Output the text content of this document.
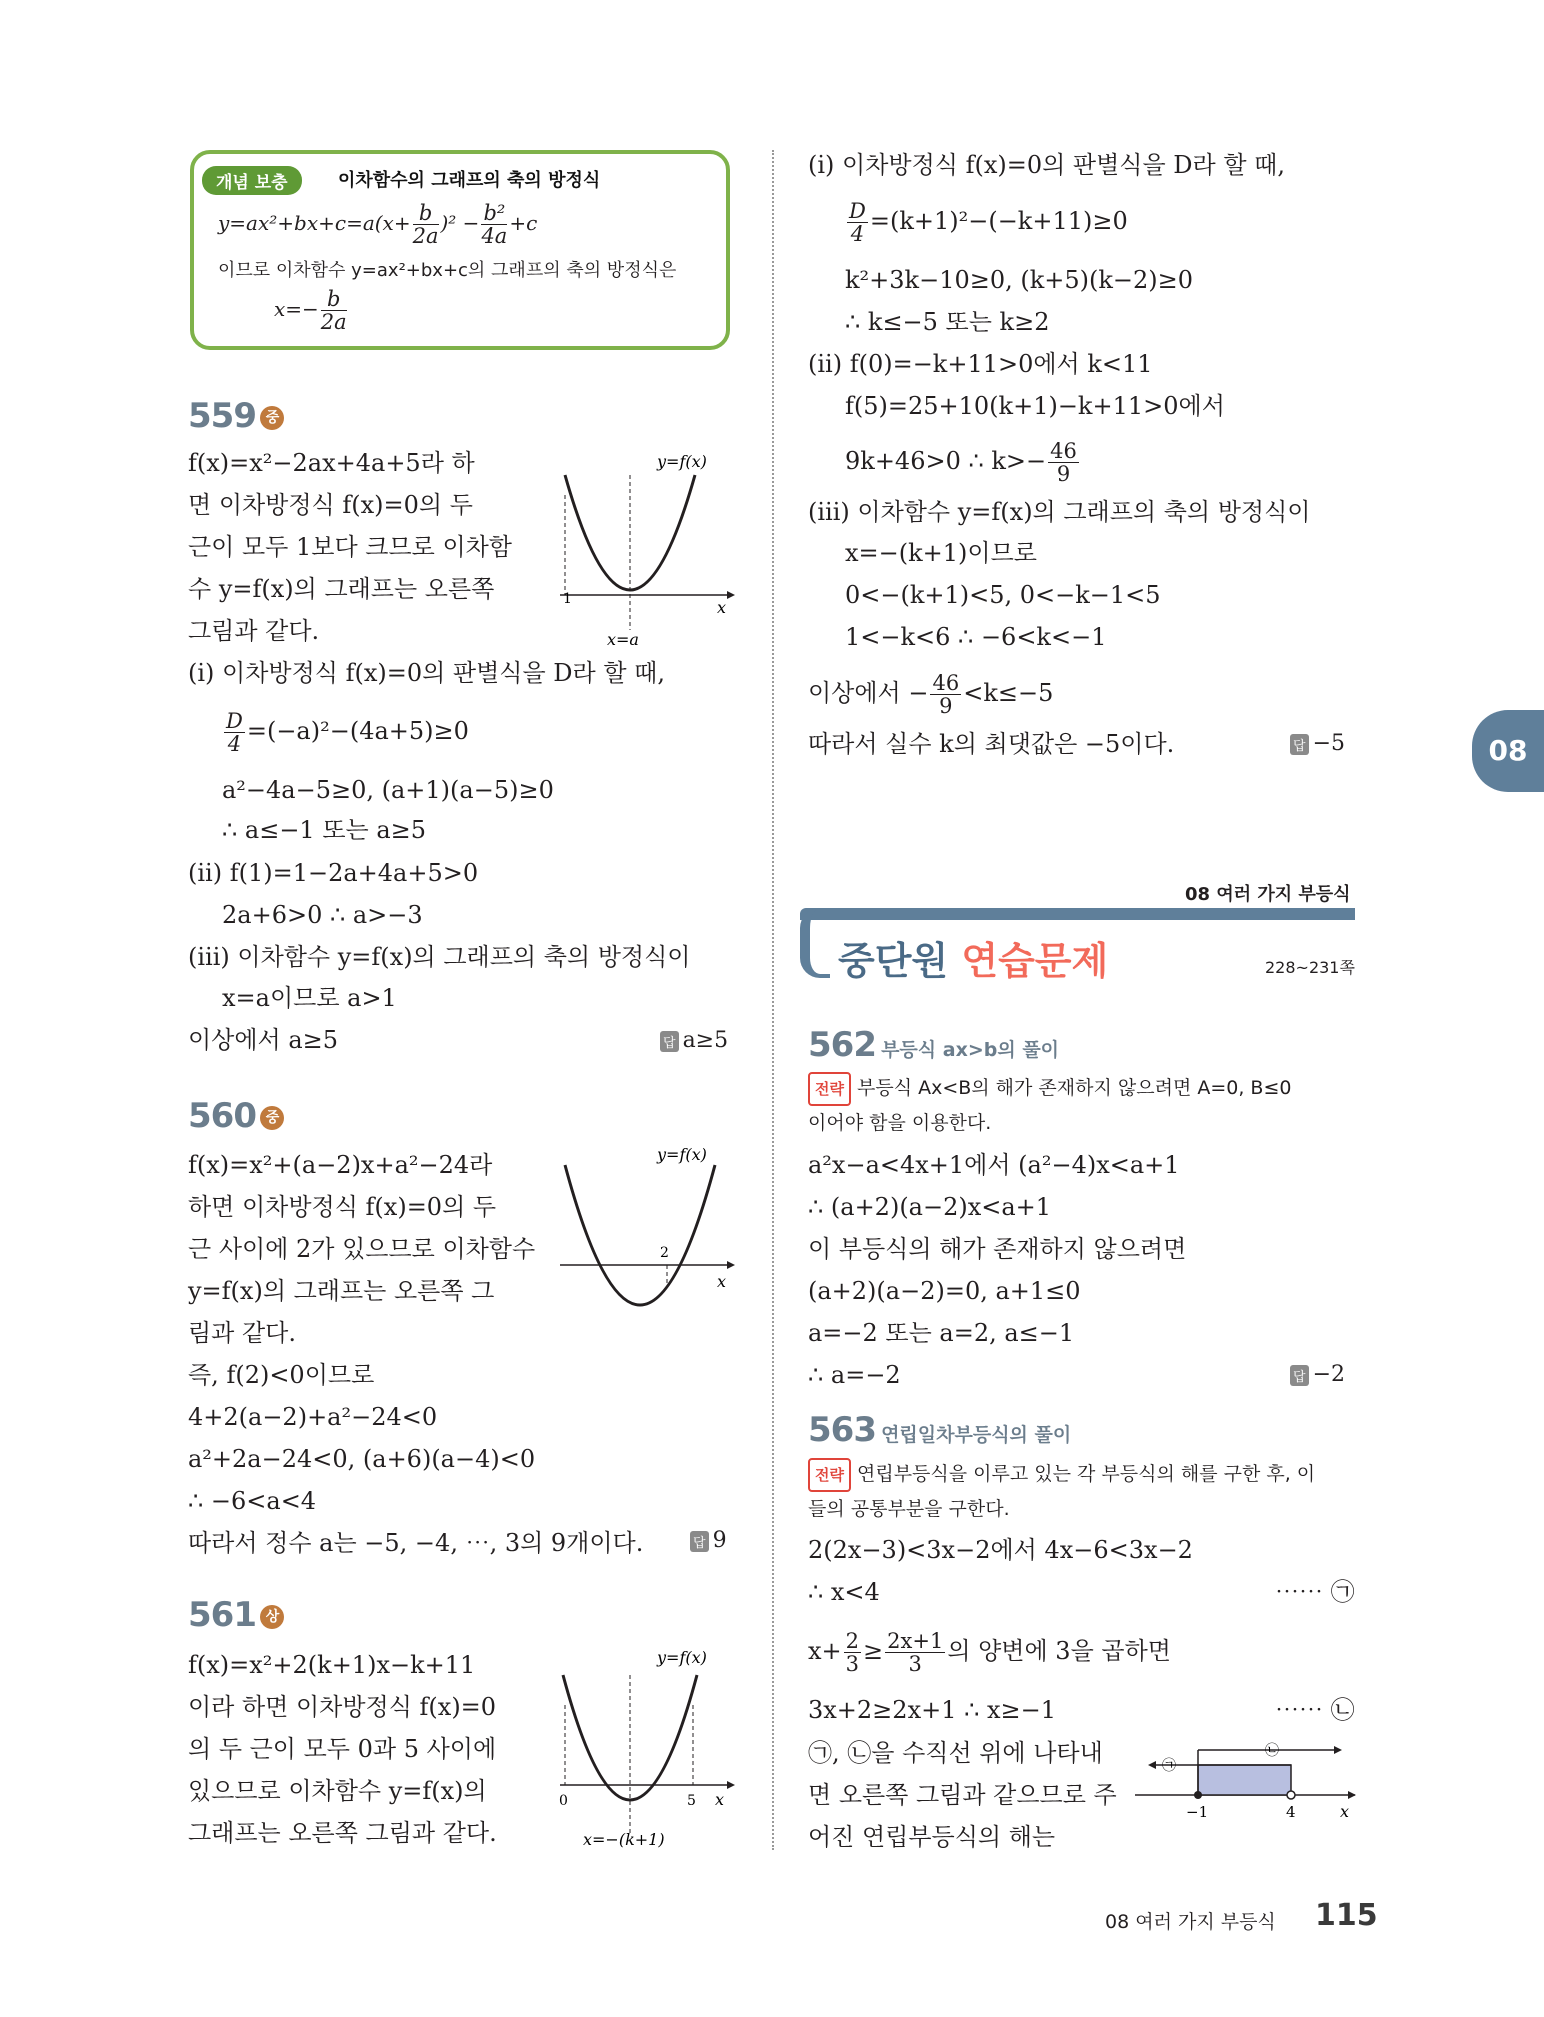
개념 보충	이차함수의 그래프의 축의 방정식
$y=ax^2+bx+c=a(x+ \frac{b}{2a} )^2 - \frac{\text{b²}}{4a} +c$
이므로 이차함수 y=ax²+bx+c의 그래프의 축의 방정식은
$x=- \frac{b}{2a}$
559 중
f(x)=x²−2ax+4a+5라 하
면 이차방정식 f(x)=0의 두
근이 모두 1보다 크므로 이차함
수 y=f(x)의 그래프는 오른쪽
그림과 같다.
1	x
y=f(x)
x=a
(ⅰ) 이차방정식 f(x)=0의 판별식을 D라 할 때,
$\frac{D}{4} =(-a)^2-(4a+5)\ge 0$
a²−4a−5≥0, (a+1)(a−5)≥0
∴ a≤−1 또는 a≥5
(ⅱ) f(1)=1−2a+4a+5>0
2a+6>0 ∴ a>−3
(ⅲ) 이차함수 y=f(x)의 그래프의 축의 방정식이
x=a이므로 a>1
이상에서 a≥5	답 a≥5
560 중
f(x)=x²+(a−2)x+a²−24라
하면 이차방정식 f(x)=0의 두
근 사이에 2가 있으므로 이차함수
y=f(x)의 그래프는 오른쪽 그
림과 같다.
2
x
y=f(x)
즉, f(2)<0이므로
4+2(a−2)+a²−24<0
a²+2a−24<0, (a+6)(a−4)<0
∴ −6<a<4
따라서 정수 a는 −5, −4, ⋯, 3의 9개이다.	답 9
561 상
f(x)=x²+2(k+1)x−k+11
이라 하면 이차방정식 f(x)=0
의 두 근이 모두 0과 5 사이에
있으므로 이차함수 y=f(x)의
그래프는 오른쪽 그림과 같다.
0	5 x
y=f(x)
x=−(k+1)
(ⅰ) 이차방정식 f(x)=0의 판별식을 D라 할 때,
$\frac{D}{4} =(k+1)^2-(-k+11)\ge 0$
k²+3k−10≥0, (k+5)(k−2)≥0
∴ k≤−5 또는 k≥2
(ⅱ) f(0)=−k+11>0에서 k<11
f(5)=25+10(k+1)−k+11>0에서
9k+46>0 ∴ $k>- \frac{46}{9}$
(ⅲ) 이차함수 y=f(x)의 그래프의 축의 방정식이
x=−(k+1)이므로
0<−(k+1)<5, 0<−k−1<5
1<−k<6 ∴ −6<k<−1
이상에서 − $\frac{46}{9} <k\le-5$
따라서 실수 k의 최댓값은 −5이다.	답 −5	08
08 여러 가지 부등식
중단원 연습문제	228~231쪽
562 부등식 ax>b의 풀이
전략 부등식 Ax<B의 해가 존재하지 않으려면 A=0, B≤0
이어야 함을 이용한다.
a²x−a<4x+1에서 (a²−4)x<a+1
∴ (a+2)(a−2)x<a+1
이 부등식의 해가 존재하지 않으려면
(a+2)(a−2)=0, a+1≤0
a=−2 또는 a=2, a≤−1
∴ a=−2	답 −2
563 연립일차부등식의 풀이
전략 연립부등식을 이루고 있는 각 부등식의 해를 구한 후, 이
들의 공통부분을 구한다.
2(2x−3)<3x−2에서 4x−6<3x−2
∴ x<4	⋯⋯ ㉠
$x+ \frac{2}{3} \ge \frac{2x+1}{3}$ 의 양변에 3을 곱하면
3x+2≥2x+1 ∴ x≥−1	⋯⋯ ㉡
㉠, ㉡을 수직선 위에 나타내
면 오른쪽 그림과 같으므로 주
어진 연립부등식의 해는
㉠
㉡
−1	4	x
08 여러 가지 부등식 115
